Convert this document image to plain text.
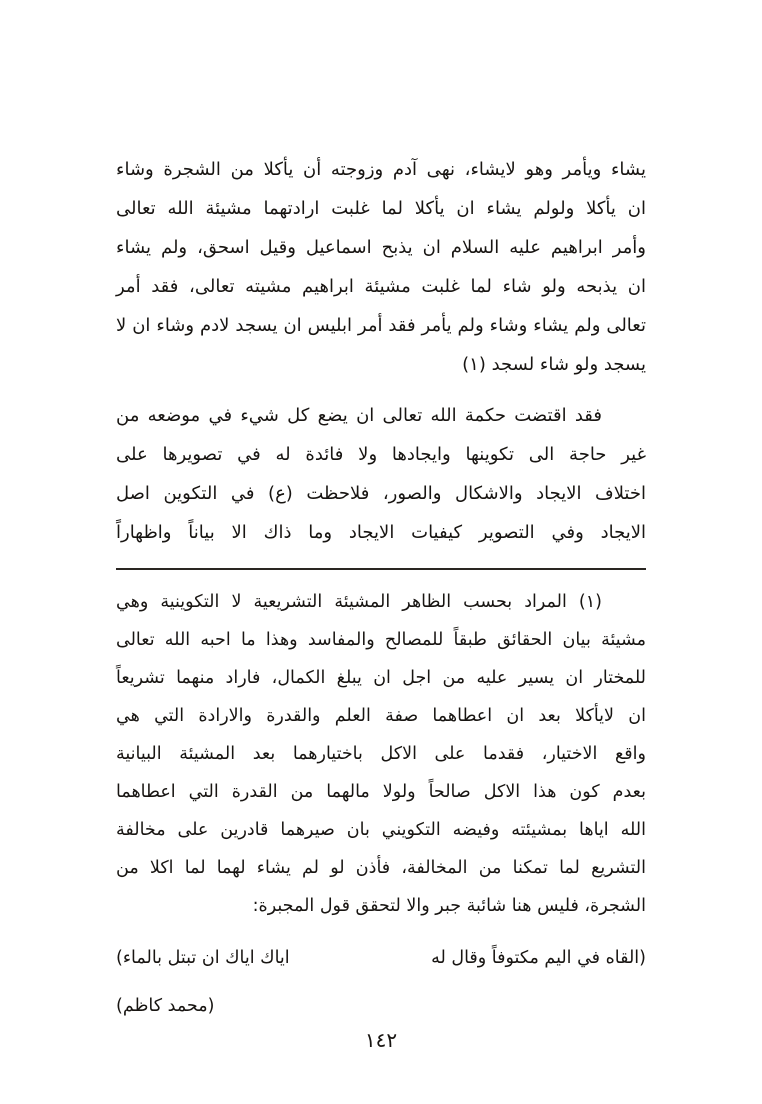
يشاء ويأمر وهو لايشاء، نهى آدم وزوجته أن يأكلا من الشجرة وشاء
ان يأكلا ولولم يشاء ان يأكلا لما غلبت ارادتهما مشيئة الله تعالى
وأمر ابراهيم عليه السلام ان يذبح اسماعيل وقيل اسحق، ولم يشاء
ان يذبحه ولو شاء لما غلبت مشيئة ابراهيم مشيته تعالى، فقد أمر
تعالى ولم يشاء وشاء ولم يأمر فقد أمر ابليس ان يسجد لادم وشاء ان لا
يسجد ولو شاء لسجد (١)
فقد اقتضت حكمة الله تعالى ان يضع كل شيء في موضعه من
غير حاجة الى تكوينها وايجادها ولا فائدة له في تصويرها على
اختلاف الايجاد والاشكال والصور، فلاحظت (ع) في التكوين اصل
الايجاد وفي التصوير كيفيات الايجاد وما ذاك الا بياناً واظهاراً
(١) المراد بحسب الظاهر المشيئة التشريعية لا التكوينية وهي
مشيئة بيان الحقائق طبقاً للمصالح والمفاسد وهذا ما احبه الله تعالى
للمختار ان يسير عليه من اجل ان يبلغ الكمال، فاراد منهما تشريعاً
ان لايأكلا بعد ان اعطاهما صفة العلم والقدرة والارادة التي هي
واقع الاختيار، فقدما على الاكل باختيارهما بعد المشيئة البيانية
بعدم كون هذا الاكل صالحاً ولولا مالهما من القدرة التي اعطاهما
الله اياها بمشيئته وفيضه التكويني بان صيرهما قادرين على مخالفة
التشريع لما تمكنا من المخالفة، فأذن لو لم يشاء لهما لما اكلا من
الشجرة، فليس هنا شائبة جبر والا لتحقق قول المجبرة:
(القاه في اليم مكتوفاً وقال له
اياك اياك ان تبتل بالماء)
(محمد كاظم)
١٤٢
